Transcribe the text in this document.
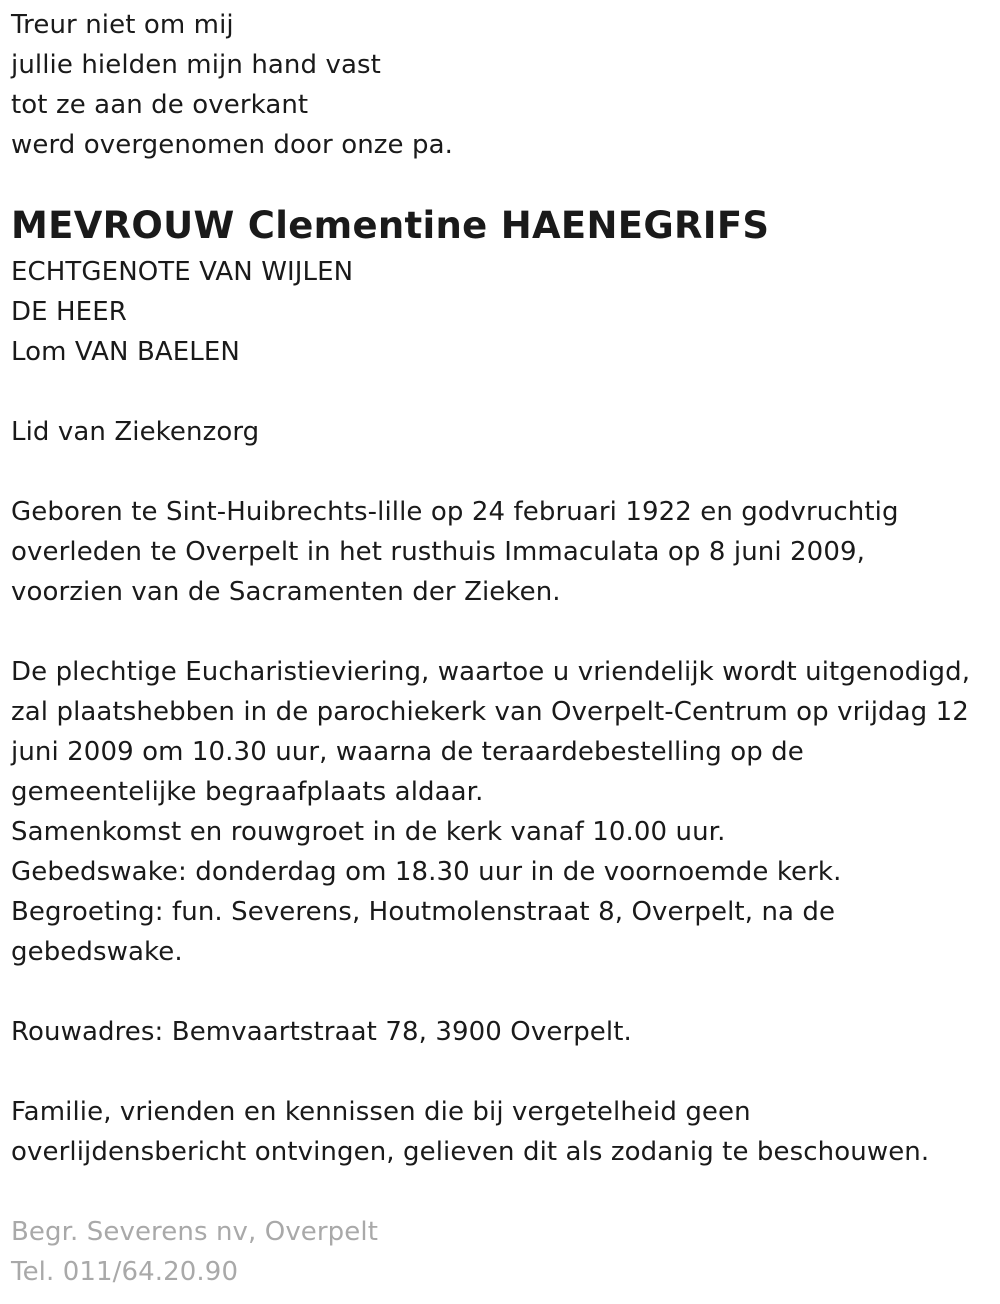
Treur niet om mij
jullie hielden mijn hand vast
tot ze aan de overkant
werd overgenomen door onze pa.
MEVROUW Clementine HAENEGRIFS
ECHTGENOTE VAN WIJLEN
DE HEER
Lom VAN BAELEN
Lid van Ziekenzorg
Geboren te Sint-Huibrechts-lille op 24 februari 1922 en godvruchtig
overleden te Overpelt in het rusthuis Immaculata op 8 juni 2009,
voorzien van de Sacramenten der Zieken.
De plechtige Eucharistieviering, waartoe u vriendelijk wordt uitgenodigd,
zal plaatshebben in de parochiekerk van Overpelt-Centrum op vrijdag 12
juni 2009 om 10.30 uur, waarna de teraardebestelling op de
gemeentelijke begraafplaats aldaar.
Samenkomst en rouwgroet in de kerk vanaf 10.00 uur.
Gebedswake: donderdag om 18.30 uur in de voornoemde kerk.
Begroeting: fun. Severens, Houtmolenstraat 8, Overpelt, na de
gebedswake.
Rouwadres: Bemvaartstraat 78, 3900 Overpelt.
Familie, vrienden en kennissen die bij vergetelheid geen
overlijdensbericht ontvingen, gelieven dit als zodanig te beschouwen.
Begr. Severens nv, Overpelt
Tel. 011/64.20.90
